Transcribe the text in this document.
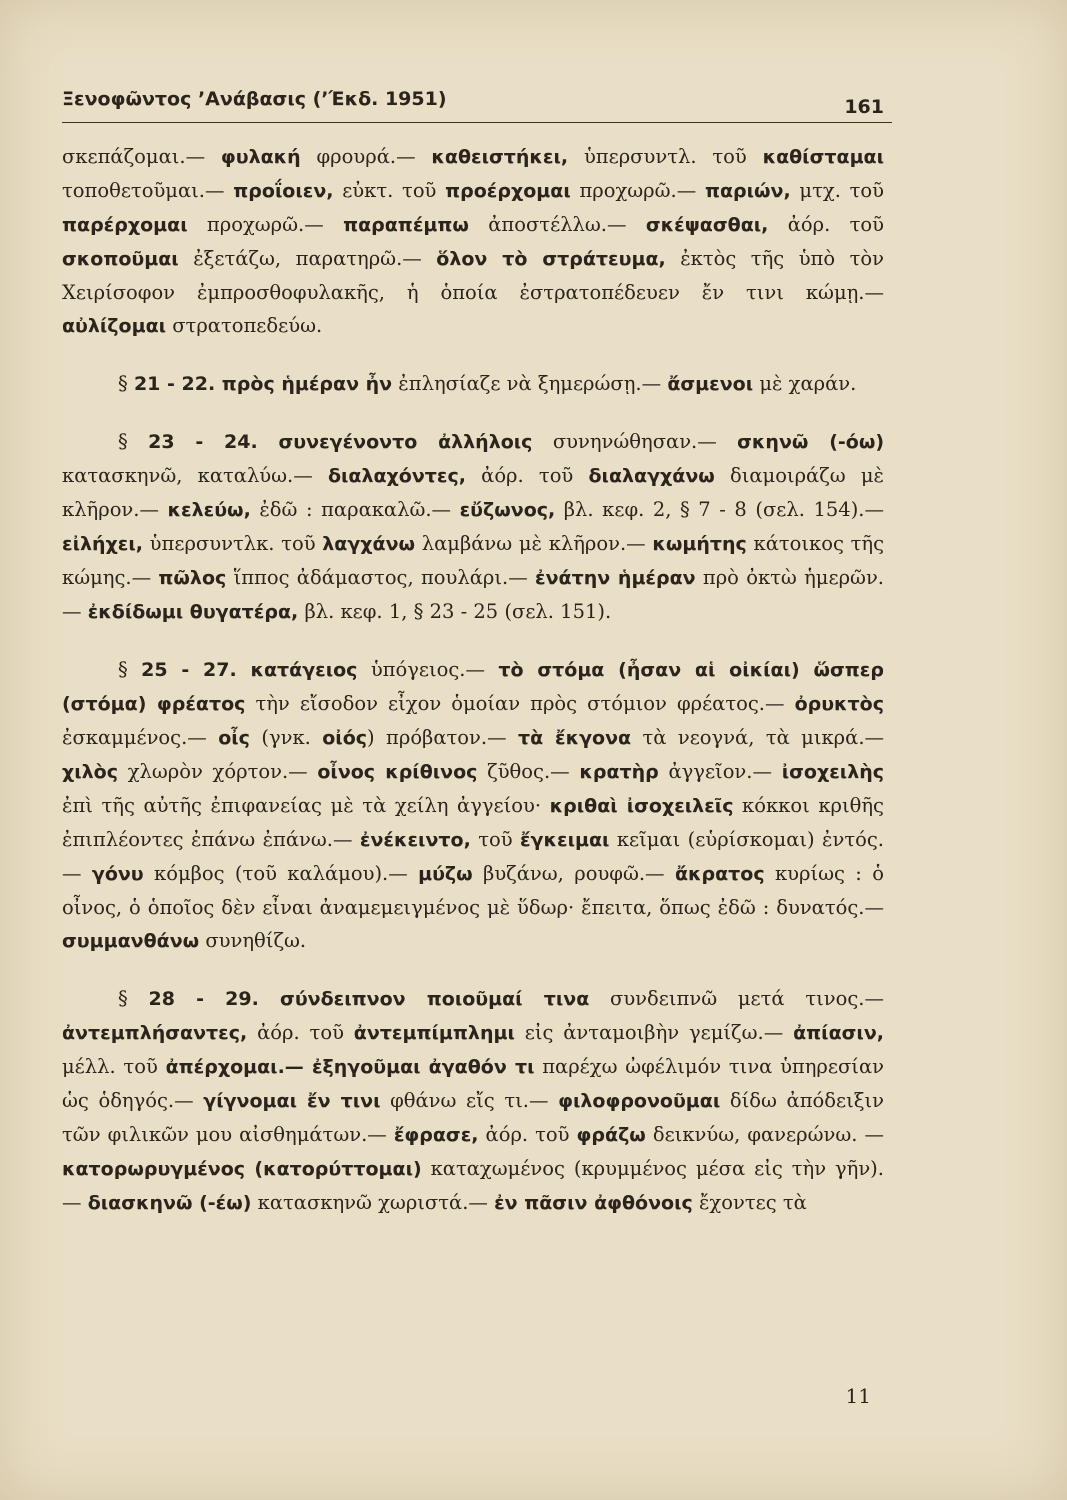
Ξενοφῶντος ’Ανάβασις (’Έκδ. 1951)	161

σκεπάζομαι.— φυλακή φρουρά.— καθειστήκει, ὑπερσυντλ. τοῦ καθίσταμαι τοποθετοῦμαι.— προΐοιεν, εὐκτ. τοῦ προέρχομαι προχωρῶ.— παριών, μτχ. τοῦ παρέρχομαι προχωρῶ.— παραπέμπω ἀποστέλλω.— σκέψασθαι, ἀόρ. τοῦ σκοποῦμαι ἐξετάζω, παρατηρῶ.— ὅλον τὸ στράτευμα, ἐκτὸς τῆς ὑπὸ τὸν Χειρίσοφον ἐμπροσθοφυλακῆς, ἡ ὁποία ἐστρατοπέδευεν ἔν τινι κώμῃ.— αὐλίζομαι στρατοπεδεύω.

§ 21 - 22. πρὸς ἡμέραν ἦν ἐπλησίαζε νὰ ξημερώσῃ.— ἄσμενοι μὲ χαράν.

§ 23 - 24. συνεγένοντο ἀλλήλοις συνηνώθησαν.— σκηνῶ (-όω) κατασκηνῶ, καταλύω.— διαλαχόντες, ἀόρ. τοῦ διαλαγχάνω διαμοιράζω μὲ κλῆρον.— κελεύω, ἐδῶ : παρακαλῶ.— εὔζωνος, βλ. κεφ. 2, § 7 - 8 (σελ. 154).— εἰλήχει, ὑπερσυντλκ. τοῦ λαγχάνω λαμβάνω μὲ κλῆρον.— κωμήτης κάτοικος τῆς κώμης.— πῶλος ἵππος ἀδάμαστος, πουλάρι.— ἐνάτην ἡμέραν πρὸ ὀκτὼ ἡμερῶν.— ἐκδίδωμι θυγατέρα, βλ. κεφ. 1, § 23 - 25 (σελ. 151).

§ 25 - 27. κατάγειος ὑπόγειος.— τὸ στόμα (ἦσαν αἱ οἰκίαι) ὥσπερ (στόμα) φρέατος τὴν εἴσοδον εἶχον ὁμοίαν πρὸς στόμιον φρέατος.— ὀρυκτὸς ἐσκαμμένος.— οἶς (γνκ. οἰός) πρόβατον.— τὰ ἔκγονα τὰ νεογνά, τὰ μικρά.— χιλὸς χλωρὸν χόρτον.— οἶνος κρίθινος ζῦθος.— κρατὴρ ἀγγεῖον.— ἰσοχειλὴς ἐπὶ τῆς αὐτῆς ἐπιφανείας μὲ τὰ χείλη ἀγγείου· κριθαὶ ἰσοχειλεῖς κόκκοι κριθῆς ἐπιπλέοντες ἐπάνω ἐπάνω.— ἐνέκειντο, τοῦ ἔγκειμαι κεῖμαι (εὑρίσκομαι) ἐντός.— γόνυ κόμβος (τοῦ καλάμου).— μύζω βυζάνω, ρουφῶ.— ἄκρατος κυρίως : ὁ οἶνος, ὁ ὁποῖος δὲν εἶναι ἀναμεμειγμένος μὲ ὕδωρ· ἔπειτα, ὅπως ἐδῶ : δυνατός.— συμμανθάνω συνηθίζω.

§ 28 - 29. σύνδειπνον ποιοῦμαί τινα συνδειπνῶ μετά τινος.— ἀντεμπλήσαντες, ἀόρ. τοῦ ἀντεμπίμπλημι εἰς ἀνταμοιβὴν γεμίζω.— ἀπίασιν, μέλλ. τοῦ ἀπέρχομαι.— ἐξηγοῦμαι ἀγαθόν τι παρέχω ὠφέλιμόν τινα ὑπηρεσίαν ὡς ὁδηγός.— γίγνομαι ἔν τινι φθάνω εἴς τι.— φιλοφρονοῦμαι δίδω ἀπόδειξιν τῶν φιλικῶν μου αἰσθημάτων.— ἔφρασε, ἀόρ. τοῦ φράζω δεικνύω, φανερώνω. — κατορωρυγμένος (κατορύττομαι) καταχωμένος (κρυμμένος μέσα εἰς τὴν γῆν).— διασκηνῶ (-έω) κατασκηνῶ χωριστά.— ἐν πᾶσιν ἀφθόνοις ἔχοντες τὰ

11
